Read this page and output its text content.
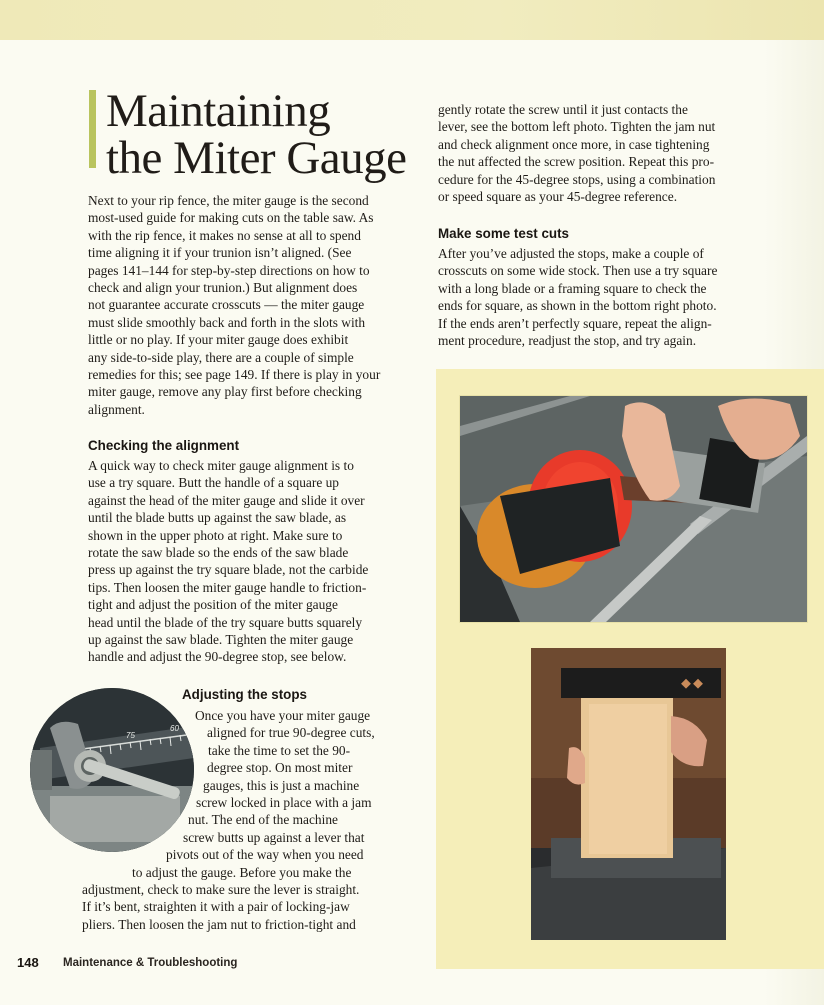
Maintaining
the Miter Gauge

Next to your rip fence, the miter gauge is the second
most-used guide for making cuts on the table saw. As
with the rip fence, it makes no sense at all to spend
time aligning it if your trunion isn’t aligned. (See
pages 141–144 for step-by-step directions on how to
check and align your trunion.) But alignment does
not guarantee accurate crosscuts — the miter gauge
must slide smoothly back and forth in the slots with
little or no play. If your miter gauge does exhibit
any side-to-side play, there are a couple of simple
remedies for this; see page 149. If there is play in your
miter gauge, remove any play first before checking
alignment.

Checking the alignment

A quick way to check miter gauge alignment is to
use a try square. Butt the handle of a square up
against the head of the miter gauge and slide it over
until the blade butts up against the saw blade, as
shown in the upper photo at right. Make sure to
rotate the saw blade so the ends of the saw blade
press up against the try square blade, not the carbide
tips. Then loosen the miter gauge handle to friction-
tight and adjust the position of the miter gauge
head until the blade of the try square butts squarely
up against the saw blade. Tighten the miter gauge
handle and adjust the 90-degree stop, see below.

75
60
Adjusting the stops

Once you have your miter gauge
aligned for true 90-degree cuts,
take the time to set the 90-
degree stop. On most miter
gauges, this is just a machine
screw locked in place with a jam
nut. The end of the machine
screw butts up against a lever that
pivots out of the way when you need
to adjust the gauge. Before you make the
adjustment, check to make sure the lever is straight.
If it’s bent, straighten it with a pair of locking-jaw
pliers. Then loosen the jam nut to friction-tight and

gently rotate the screw until it just contacts the
lever, see the bottom left photo. Tighten the jam nut
and check alignment once more, in case tightening
the nut affected the screw position. Repeat this pro-
cedure for the 45-degree stops, using a combination
or speed square as your 45-degree reference.

Make some test cuts

After you’ve adjusted the stops, make a couple of
crosscuts on some wide stock. Then use a try square
with a long blade or a framing square to check the
ends for square, as shown in the bottom right photo.
If the ends aren’t perfectly square, repeat the align-
ment procedure, readjust the stop, and try again.

148 Maintenance & Troubleshooting
